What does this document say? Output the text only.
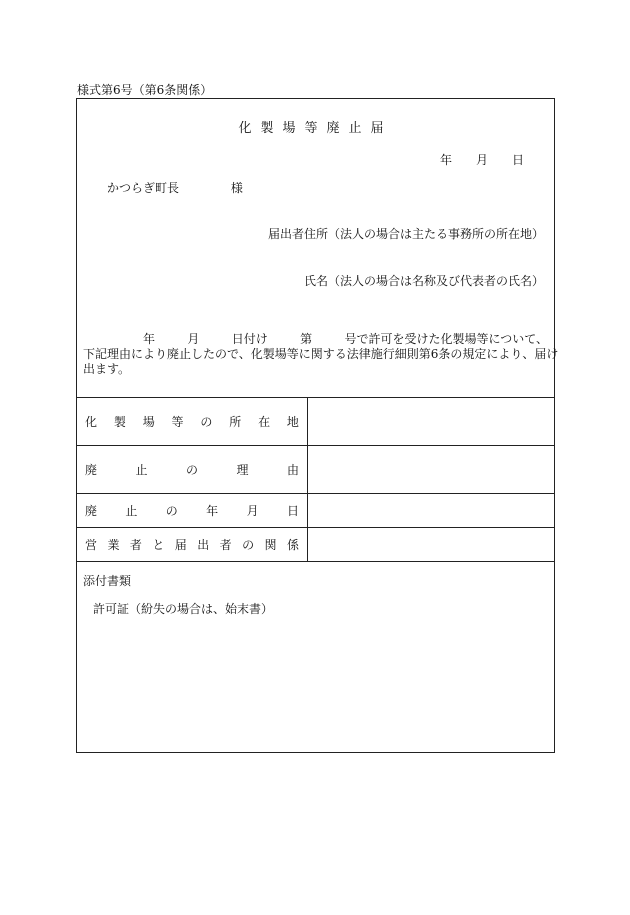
様式第6号（第6条関係）
化製場等廃止届
年	月	日
かつらぎ町長	様
届出者住所（法人の場合は主たる事務所の所在地）
氏名（法人の場合は名称及び代表者の氏名）
年	月	日付け	第	号で許可を受けた化製場等について、
下記理由により廃止したので、化製場等に関する法律施行細則第6条の規定により、届け
出ます。
化 製 場 等 の 所 在 地
廃	止	の	理	由
廃 止 の 年 月 日
営 業 者 と 届 出 者 の 関 係
添付書類
許可証（紛失の場合は、始末書）
